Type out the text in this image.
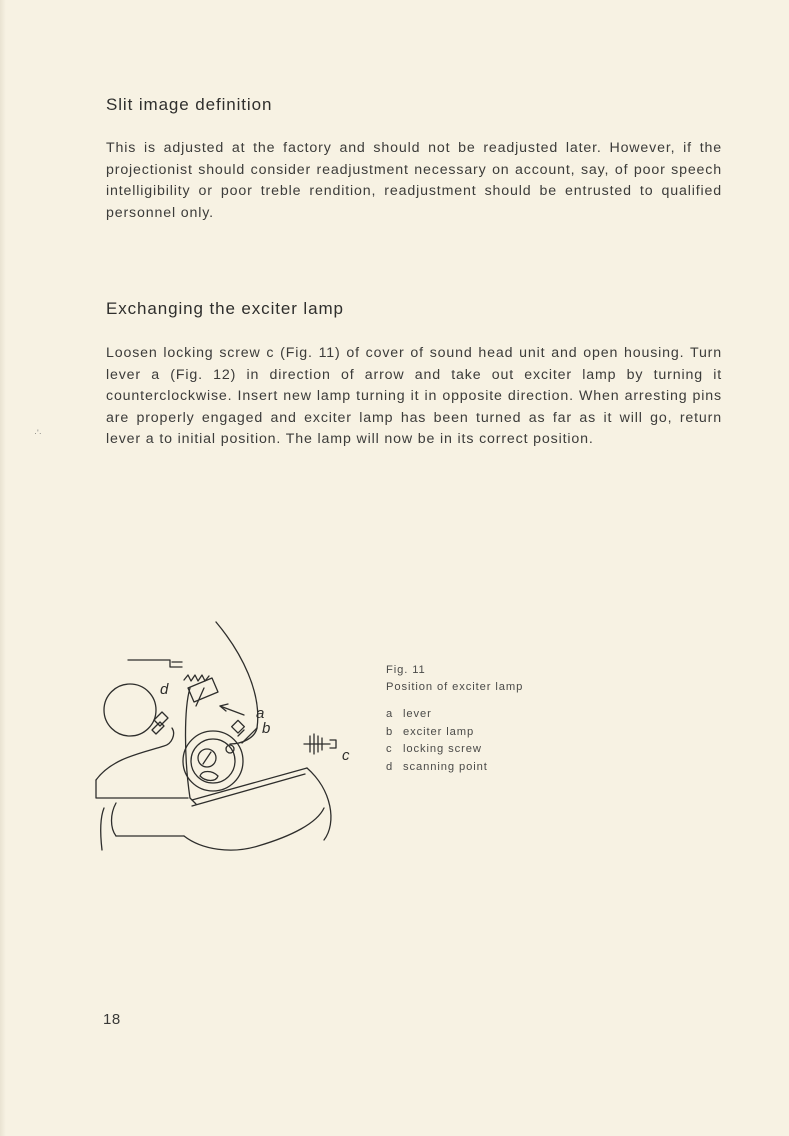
·'·
Slit image definition

This is adjusted at the factory and should not be readjusted later. However, if the projectionist should consider readjustment necessary on account, say, of poor speech intelligibility or poor treble rendition, readjustment should be entrusted to qualified personnel only.

Exchanging the exciter lamp

Loosen locking screw c (Fig. 11) of cover of sound head unit and open housing. Turn lever a (Fig. 12) in direction of arrow and take out exciter lamp by turning it counterclockwise. Insert new lamp turning it in opposite direction. When arresting pins are properly engaged and exciter lamp has been turned as far as it will go, return lever a to initial position. The lamp will now be in its correct position.

d
a
b
c
Fig. 11
Position of exciter lamp
a lever
b exciter lamp
c locking screw
d scanning point
18
